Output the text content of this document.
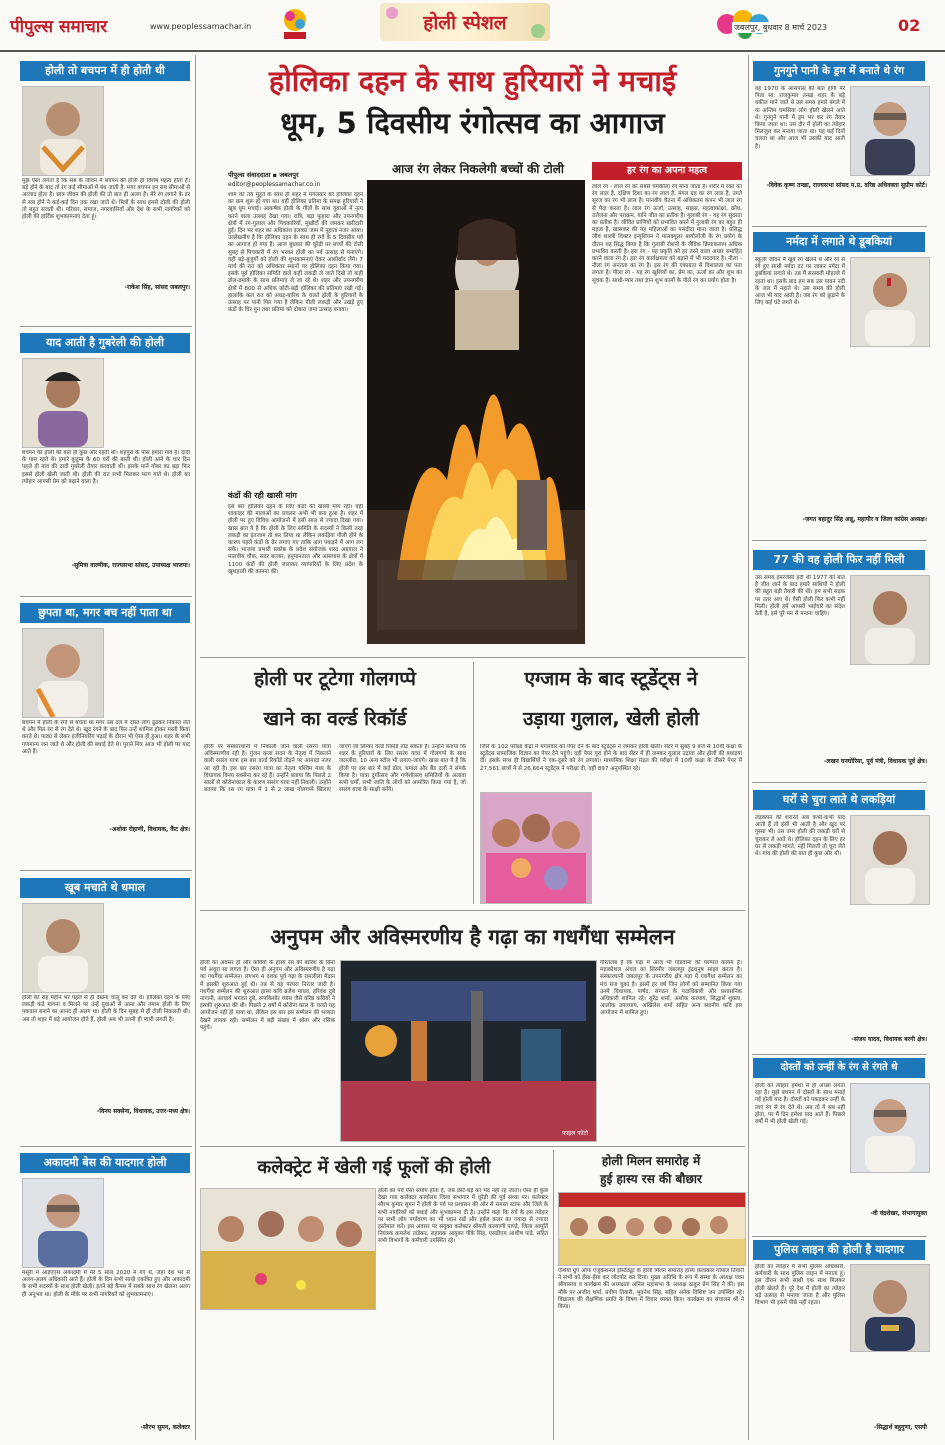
पीपुल्स समाचार	www.peoplessamachar.in	होली स्पेशल	जबलपुर, बुधवार 8 मार्च 2023	02
होली तो बचपन में ही होती थी
मुझे ऐसा लगता है कि सब के जीवन में बचपन की होली ही विशेष महत्व होता है। बड़े होने के बाद तो रंग कई सीमाओं में बंध जाती है, मगर बचपन इन सब सीमाओं से आजाद होता है। छात्र जीवन की होली की तो बात ही अलग है। मेरे रंग लगाने के डर से सब होने ने कई-कई दिन तक रखा जाते थे। मित्रों के साथ हमसे ठोली की होली तो बहुत सजती थी। परिवार, समाज, नगरवासियों और देश के सभी नागरिकों को होली की हार्दिक शुभकामनाएं देता हूं।
-राकेश सिंह, सांसद जबलपुर।
याद आती है गुबरेली की होली
बचपन की होली की बात ही कुछ और रहती थी। शहपुरा के पास हमारा गांव है। दादी के पास रहते थे। हमारे कुटुम्ब के 60 घरों की बस्ती थी। होली आने के चार दिन पहले ही गांव की दादी गुबरेली तैयार करवाती थीं। इसके मानें गोबर का बड़ा फिर इससे होली खेली जाती थी। होली की रात सभी मिलकर फाग गाते थे। होली का त्योहार आपसी प्रेम को बढ़ाने वाला है।
-सुमित्रा वाल्मीक, राज्यसभा सांसद, उपाध्यक्ष भाजपा।
छुपता था, मगर बच नहीं पाता था
बचपन में होली के रंगों से बचता था मगर उस दल में दोस्त लोग ढूंढकर निकाल लेते थे और फिर रंग से रंग देते थे। खुद रंगने के बाद फिर उन्हें शामिल होकर मस्ती किया करते थे। पाठ्य से लेकर इंजीनियरिंग पढ़ाई के दौरान भी ऐसा ही हुआ। शहर के सभी गणमान्य जन जाते थे और होली की बधाई देते थे। पुराने मित्र आज भी होली पर याद आते हैं।
-अशोक रोहाणी, विधायक, कैंट क्षेत्र।
खूब मचाते थे धमाल
होली की राह महीने भर पहले से ही देखना चालू कर देते थे। होलिका दहन के लिए लकड़ी कंडे मांगना व मिलने पर उन्हें युवाओं से आना और तमाम होली के लिए पकवान बनाने का आनंद ही अलग था। होली के दिन सुबह से ही टोली निकलती थी। अब तो शहर में बड़े आयोजन होते हैं, होली अब भी उतनी ही प्यारी लगती है।
-विनय सक्सेना, विधायक, उत्तर-मध्य क्षेत्र।
अकादमी बेस की यादगार होली
मसूरी में आईएएस अकादमी में मेरे 5 साल 2020 में गए थे, जहां देश भर से अलग-अलग अधिकारी आते हैं। होली के दिन सभी साथी एकत्रित हुए और अकादमी के सभी सदस्यों के साथ होली खेली। इतने बड़े कैंपस में सबके साथ रंग खेलना अलग ही अनुभव था। होली के मौके पर सभी नागरिकों को शुभकामनाएं।
-सौरभ सुमन, कलेक्टर
होलिका दहन के साथ हुरियारों ने मचाई
धूम, 5 दिवसीय रंगोत्सव का आगाज
पीपुल्स संवाददाता ▪ जबलपुर
editor@peoplessamachar.co.in
आज रंग लेकर निकलेगी बच्चों की टोली
शाम को तय मुहूर्त के साथ ही शहर में मंगलवार को होलिका दहन का क्रम शुरू हो गया था। वहीं होलिका प्रतिमा के समक्ष हुरियारों ने खूब धूम मचाई। आकर्षक होली के गीतों के साथ युवाओं में नृत्य करने वाला उत्साह देखा गया। रात्रि, बड़ा फुहारा और उपनगरीय क्षेत्रों में रंग-गुलाल और पिचकारियों, मुखौटों की जमकर खरीदारी हुई। दिन भर शहर का अधिकांश इलाका जाम में नूहाता नजर आया। उल्लेखनीय है कि होलिका दहन के साथ ही रंगों के 5 दिवसीय पर्व का आगाज हो गया है। आज बुधवार की धुरेड़ी पर बच्चों की टोली सुबह से पिचकारी में रंग भरकर होली का पर्व उत्साह से मनाएंगे। वहीं बड़े-बुजुर्गों को होली की शुभकामनाएं देकर आशीर्वाद लेंगे। 7 मार्च की रात को अधिकतर स्थानों पर होलिका दहन किया गया। इसके पूर्व होलिका समिति वाले कहीं लकड़ी ले जाते दिखे तो कहीं ढोल-ढमाके के साथ प्रतिमाएं ले जा रहे थे। शहर और उपनगरीय क्षेत्रों में 800 से अधिक छोटी-बड़ी होलिका की प्रतिमाएं रखी गईं। हालांकि कल रात को अंधड़-बारिश के चलते होली के हुरियारों के उत्साह पर पानी फिर गया है लेकिन पीली लकड़ी और उखड़े हुए कंडों के चिर पुन तथा प्रतिमा को दोबारा जमा उत्साह बनाया।
कंडों की रही खासी मांग
इस बार होलिका दहन के लिए कंडों की खासी मांग रही। वहीं शाकाहर की मालाओं का प्रचलन अभी भी बना हुआ है। शहर में होली पर हुए विविध आयोजनों में इसी साल से ज्यादा दिखा गया। खास बात ये है कि होली के लिए समिति के सदस्यों ने किसी तरह लकड़ी का इंतजाम तो कर लिया था लेकिन लकड़ियां गीली होने के कारण पहले कंडों के ढेर लगाए गए ताकि आग पकड़ने में आग लग सके। भाजपा प्रभारी प्रकोष्ठ के प्रदेश संयोजक शरद अग्रवाल ने मालवीय चौक, सदर बाजार, हनुमानताल और आसपास के क्षेत्रों में 1100 कंडों की होली जलाकर व्यापारियों के लिए प्रदेश के खुशहाली की कामना की।
हर रंग का अपना महत्व
लाल रंग - लाल रंग को सबसे चमकीला रंग माना जाता है। शरीर में रक्त का रंग लाल है, दक्षिण दिशा का रंग लाल है, मंगल ग्रह का रंग लाल है, उगते सूरज का रंग भी लाल है। मानवीय चेतना में अधिकतम कंपन भी लाल रंग से पैदा करता है। लाल रंग ऊर्जा, उत्साह, साहस, महत्वाकांक्षा, क्रोध, उत्तेजना और पराक्रम, यानि जीत का प्रतीक है। गुलाबी रंग - यह रंग सुंदरता का प्रतीक है। जीवित प्राणियों को प्रभावित करने में गुलाबी रंग का बहुत ही महत्व है, खासकर की यह महिलाओं का पसंदीदा माना जाता है। प्रसिद्ध जीव शास्त्री विक्टर इन्यूशियन ने मालक्यूलर बायोलॉजी के रंग प्रयोग के दौरान यह सिद्ध किया है कि गुलाबी रोशनी के जैविक क्रियाकलाप अधिक प्रभावित करती है। हरा रंग - यह प्रकृति को हर तरने वाला अधार समाहित करने वाला रंग है। हरा रंग कार्यक्षमता को बढ़ाने में भी मददगार है। नीला - नीला रंग अनंतता का रंग है। इस रंग की एकाग्रता से विशालता का पता लगता है। पीला रंग - यह रंग खुशियों का, प्रेम का, ऊर्जा का और शुभ का सूचक है। साथी-प्यार तथा ज्ञान शुभ कामों के पीले रंग का प्रयोग होता है।
होली पर टूटेगा गोलगप्पे
खाने का वर्ल्ड रिकॉर्ड
होली पर संस्कारधानी में निकाली जाने वाली रसरंग यात्रा अविस्मरणीय रही है। गुंजन कला सदन के नेतृत्व में निकलने वाली रसरंग यात्रा इस बार वर्ल्ड रिकॉर्ड तोड़ने पर आमादा नजर आ रही है। इस बार रसरंग यात्रा का नेतृत्व पश्चिम मध्य के विधायक विनय सक्सेना कर रहे हैं। उन्होंने बताया कि पिछले 2 सालों से कोरोनाकाल के कारण रसरंग यात्रा नहीं निकली। उन्होंने बताया कि रस रंग यात्रा में 1 से 2 लाख गोलगप्पे खिलाए जाएंगे जो लिम्का वर्ल्ड रिकॉर्ड तोड़ सकता है। उन्होंने बताया कि शहर के हुरियारों के लिए रसरंग यात्रा में गोलगप्पे के साथ जलजीरा, 10 अन्य स्टॉल भी लगाए-जाएंगे। खास बात ये है कि होली पर इस बार में कई ढोल, धमाल और बैंड दलों ने संपर्क किया है। यात्रा दुर्गोत्सव और गणेशोत्सव समितियों के अलावा सभी धर्मों, सभी जाति के लोगों को आमंत्रित किया गया है, जो रसरंग यात्रा के साक्षी बनेंगे।
एग्जाम के बाद स्टूडेंट्स ने
उड़ाया गुलाल, खेली होली
जिले के 102 परीक्षा केंद्रों में मंगलवार को पेपर देने के बाद स्टूडेंट्स ने जमकर होली खेली। सेंटर में सुबह 9 बजे से 10वीं कक्षा के स्टूडेंट्स सामाजिक विज्ञान का पेपर देने पहुंचे। वहीं पेपर पूरा होने के बाद सेंटर में ही जमकर गुलाल उड़ाया और होली की बधाइयां दीं। इसके साथ ही विद्यार्थियों ने एक-दूसरे को रंग लगाया। माध्यमिक शिक्षा मंडल की परीक्षा में 10वीं कक्षा के तीसरे पेपर में 27,561 छात्रों में से 26,664 स्टूडेंट्स ने परीक्षा दी, वहीं 897 अनुपस्थित रहे।
अनुपम और अविस्मरणीय है गढ़ा का गधगैंधा सम्मेलन
होली का अवसर हो और कवियों के हास्य रस की बारिश के बिना पर्व अधूरा सा लगता है। ऐसा ही अनुपम और अविस्मरणीय है गढ़ा का गधगैंधा सम्मेलन। लगभग 4 दशक पूर्व गढ़ा के रामलीला मैदान में इसकी शुरुआत हुई थी। तब से यह परंपरा निरंतर जारी है। गधगैंधा सम्मेलन की शुरुआत हास्य कवि ब्रजेश माधव, हरिवंश दुबे नागानी, आचार्य भगवत दुबे, रूपकिशोर व्यास जैसे वरिष्ठ कवियों ने इसकी शुरुआत की थी। पिछले 2 वर्षों में कोरोना काल के चलते यह आयोजन नहीं हो पाया था, लेकिन इस बार इस सम्मेलन की भव्यता देखने लायक रही। सम्मेलन में बड़ी संख्या में श्रोता और रसिक पहुंचे।
फाइल फोटो
गौरतलब है कि गढ़ा में आज भी गोंडवाना की परम्परा कायम है। महाकोशल अंचल का सिरमौर जबलपुर इंद्रधनुष सांझा करता है। संस्कारधानी जबलपुर के उपनगरीय क्षेत्र गढ़ा में गधगैंधा सम्मेलन का मंच सज चुका है। इसमें हर वर्ष जिन लोगों को सम्मानित किया गया उनमें विधायक, पार्षद, संगठन के पदाधिकारी और प्रशासनिक अधिकारी शामिल रहे। सुरेंद्र शर्मा, अशोक करपाय, सिद्धार्थ शुक्ला, आलोक उपाध्याय, अखिलेश शर्मा सहित अन्य स्थानीय कवि इस आयोजन में शामिल हुए।
कलेक्ट्रेट में खेली गई फूलों की होली
होली का पर्व ऐसा संयोग होता है, जब छोटे-बड़े का भेद नहीं रह जाता। ऐसा ही कुछ देखा गया कलेक्टर कार्यालय जिला सभागार में धुरेड़ी की पूर्व संध्या पर। कलेक्टर सौरभ कुमार सुमन ने होली के पर्व पर प्रशासन की ओर से समस्त स्टाफ और जिले के सभी नागरिकों को बधाई और शुभकामना दी है। उन्होंने कहा कि रंगों के इस त्योहार पर सभी लोग पर्यावरण का भी ध्यान रखें और हर्बल कलर का ज्यादा से ज्यादा इस्तेमाल करें। इस अवसर पर संयुक्त कलेक्टर श्रीमती कल्याणी पाण्डे, जिला आपूर्ति नियंत्रक कमलेश तांडेकर, सहायक आयुक्त पीके सिंह, एसडीएम आशीष पांडे, सहित सभी विभागों के कर्मचारी उपस्थित रहे।
होली मिलन समारोह में
हुई हास्य रस की बौछार
एशिया ग्रुप ऑफ एजुकेशनल इंस्टिट्यूट के होली मिलन समारोह हास्य कलाकार गोपाल तिवारी ने सभी को हँसा-हँसा कर लोटपोट कर दिया। मुख्य अतिथि के रूप में संस्था के अध्यक्ष पवन श्रीवास्तव व कार्यक्रम की अध्यक्षता अनिल महासभा के अध्यक्ष ठाकुर प्रेम सिंह ने की। इस मौके पर अजीत शर्मा, प्रवीण तिवारी, भुवनेश सिंह, सहित अनेक विशिष्ट जन उपस्थित रहे। विद्यालय की शैक्षणिक प्रगति के विषय में विचार व्यक्त किए। कार्यक्रम का संचालन श्री ने किया।
गुनगुने पानी के ड्रम में बनाते थे रंग
वह 1970 के आसपास की बात होगी मेरे पिता स्व. राजकुमार तन्खा शहर के बड़े वकील माने जाते थे उस समय हमारे बंगले में या अन्तिम घमसिया लोग होली खेलने आते थे। गुनगुने पानी में ड्रम भर कर रंग तैयार किया जाता था। उस दौर में होली का त्योहार मिलजुल कर मनाया जाता था। यह कई दिनों चलता था और आज भी उसकी याद आती है।
-विवेक कृष्ण तन्खा, राज्यसभा सांसद म.प्र. वरिष्ठ अधिवक्ता सुप्रीम कोर्ट।
नर्मदा में लगाते थे डूबकियां
स्कूली जीवन में खूब रंग खेलने थे और रंग से रंगे हुए साथी नर्मदा तट पर जाकर नर्मदा में डुबकियां लगाते थे। तब मैं सरस्वती मोहल्ले में रहता था। इसके बाद हम सब उस पावन नदी के जल में नहाते थे। उस समय की होली आज भी याद आती है। जब रंग को छुड़ाने के लिए कई घंटे लगते थे।
-जगत बहादुर सिंह अन्नू, महापौर व जिला कांग्रेस अध्यक्ष।
77 की वह होली फिर नहीं मिली
उस समय इमरजेंसी हटी थी 1977 की बात है जीत जाने के बाद हमारे साथियों ने होली की बहुत बड़ी तैयारी की थी। हम सभी सड़क पर उतर आए थे। वैसी होली फिर कभी नहीं मिली। होली हमें आपसी भाईचारे का संदेश देती है, इसे पूरे मन से मनाना चाहिए।
-लखन घनघोरिया, पूर्व मंत्री, विधायक पूर्व क्षेत्र।
घरों से चुरा लाते थे लकड़ियां
लड़कपन की शरारतें अब कभी-कभी याद आती हैं तो हंसी भी आती है और खुद पर गुस्सा भी। उस उमर होली की लकड़ी घरों से चुराकर ले आते थे। होलिका दहन के लिए हर घर से लकड़ी मांगते, नहीं मिलती तो चुरा लेते थे। गांव की होली की बात ही कुछ और थी।
-संजय यादव, विधायक बरगी क्षेत्र।
दोस्तों को उन्हीं के रंग से रंगते थे
होली का त्योहार हमेशा से ही अच्छा लगता रहा है। मुझे बचपन में दोस्तों के साथ मनाई गई होली याद है। दोस्तों को पकड़कर उन्हीं के लाए रंग से रंग देते थे। अब तो ये सब नहीं होता, पर मैं दिन हमेशा याद आते हैं। पिछले वर्षों में भी होली खेली गई।
-वी वंद्रशेखर, संभागायुक्त
पुलिस लाइन की होली है यादगार
होली का त्योहार मैं सभी पुलिस अधिकारी, कर्मचारी के साथ पुलिस लाइन में मनाता हूं। इस दौरान सभी साथी एक साथ मिलकर होली खेलते हैं। पूरे देश में होली का त्योहार बड़े उत्साह से मनाया जाता है और पुलिस विभाग भी इसमें पीछे नहीं रहता।
-सिद्धार्थ बहुगुणा, एसपी
